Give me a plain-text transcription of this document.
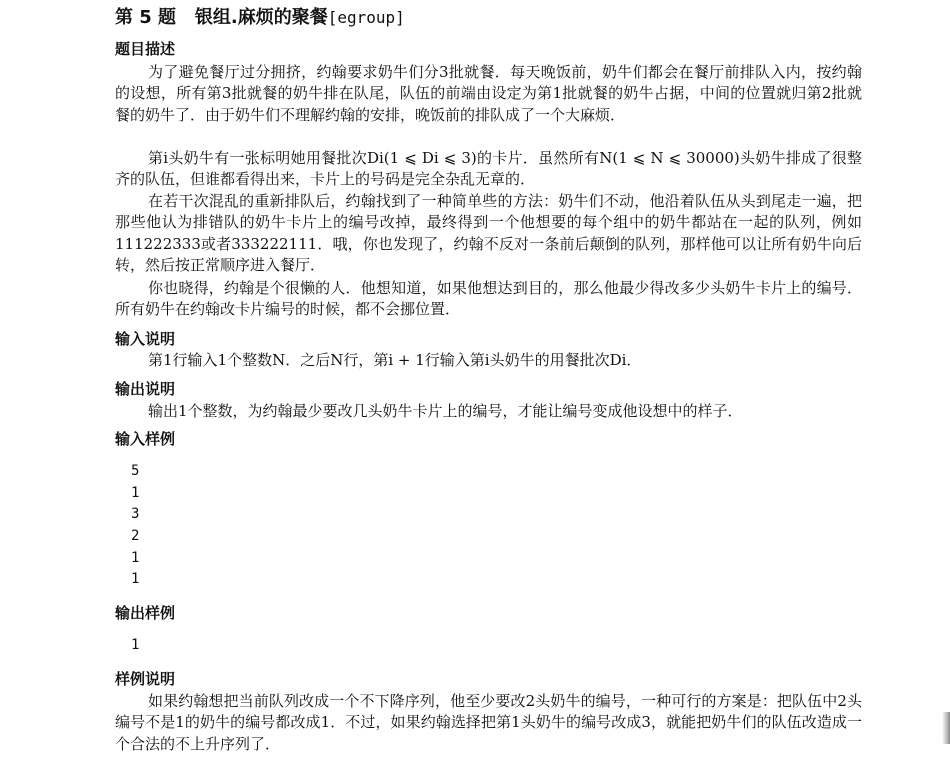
第 5 题 银组.麻烦的聚餐[egroup]
题目描述

为了避免餐厅过分拥挤，约翰要求奶牛们分3批就餐．每天晚饭前，奶牛们都会在餐厅前排队入内，按约翰的设想，所有第3批就餐的奶牛排在队尾，队伍的前端由设定为第1批就餐的奶牛占据，中间的位置就归第2批就餐的奶牛了．由于奶牛们不理解约翰的安排，晚饭前的排队成了一个大麻烦．

第i头奶牛有一张标明她用餐批次Di(1 ⩽ Di ⩽ 3)的卡片．虽然所有N(1 ⩽ N ⩽ 30000)头奶牛排成了很整齐的队伍，但谁都看得出来，卡片上的号码是完全杂乱无章的．

在若干次混乱的重新排队后，约翰找到了一种简单些的方法：奶牛们不动，他沿着队伍从头到尾走一遍，把那些他认为排错队的奶牛卡片上的编号改掉，最终得到一个他想要的每个组中的奶牛都站在一起的队列，例如111222333或者333222111．哦，你也发现了，约翰不反对一条前后颠倒的队列，那样他可以让所有奶牛向后转，然后按正常顺序进入餐厅．

你也晓得，约翰是个很懒的人．他想知道，如果他想达到目的，那么他最少得改多少头奶牛卡片上的编号．所有奶牛在约翰改卡片编号的时候，都不会挪位置．

输入说明

第1行输入1个整数N．之后N行，第i + 1行输入第i头奶牛的用餐批次Di．

输出说明

输出1个整数，为约翰最少要改几头奶牛卡片上的编号，才能让编号变成他设想中的样子．

输入样例
5
1
3
2
1
1
输出样例
1
样例说明

如果约翰想把当前队列改成一个不下降序列，他至少要改2头奶牛的编号，一种可行的方案是：把队伍中2头编号不是1的奶牛的编号都改成1．不过，如果约翰选择把第1头奶牛的编号改成3，就能把奶牛们的队伍改造成一个合法的不上升序列了．
